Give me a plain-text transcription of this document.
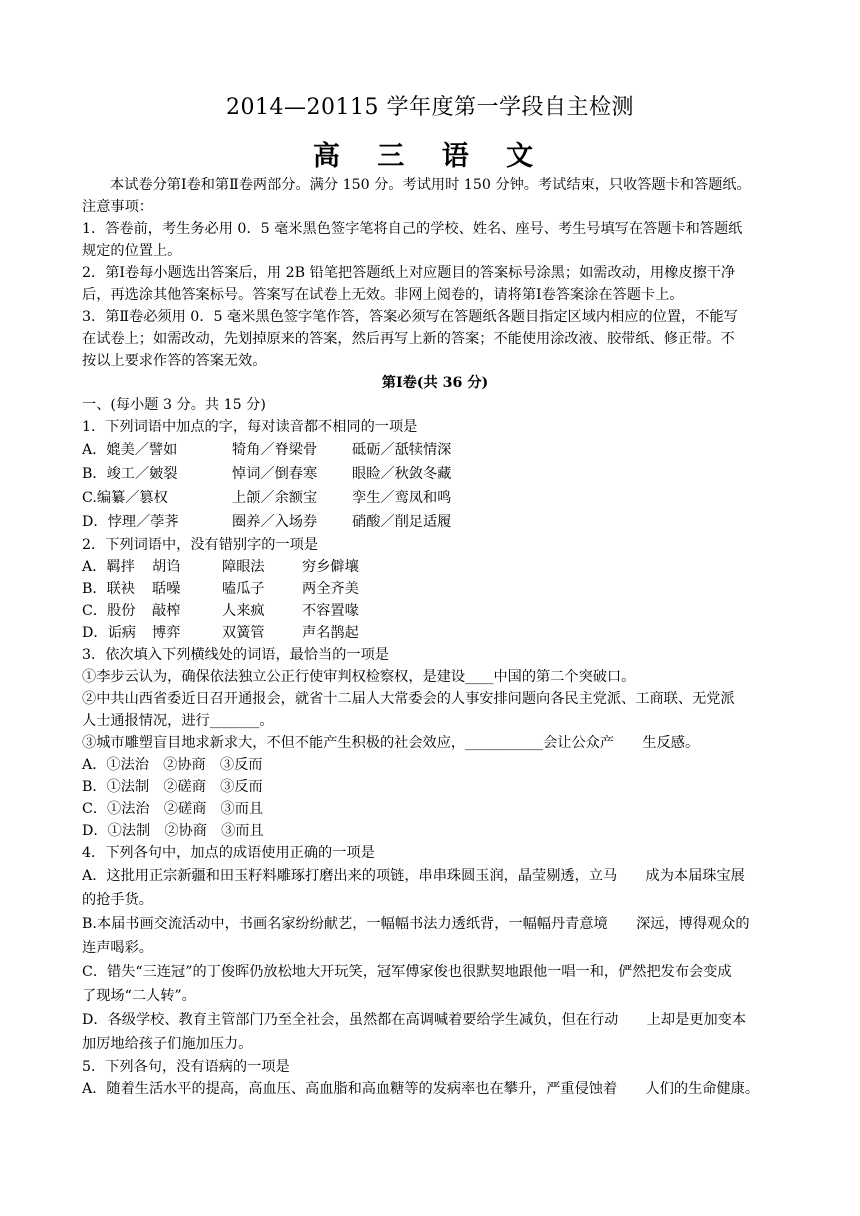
2014—20115 学年度第一学段自主检测
高 三 语 文
本试卷分第Ⅰ卷和第Ⅱ卷两部分。满分 150 分。考试用时 150 分钟。考试结束，只收答题卡和答题纸。
注意事项：
1．答卷前，考生务必用 0．5 毫米黑色签字笔将自己的学校、姓名、座号、考生号填写在答题卡和答题纸
规定的位置上。
2．第Ⅰ卷每小题选出答案后，用 2B 铅笔把答题纸上对应题目的答案标号涂黑；如需改动，用橡皮擦干净
后，再选涂其他答案标号。答案写在试卷上无效。非网上阅卷的，请将第Ⅰ卷答案涂在答题卡上。
3．第Ⅱ卷必须用 0．5 毫米黑色签字笔作答，答案必须写在答题纸各题目指定区域内相应的位置，不能写
在试卷上；如需改动，先划掉原来的答案，然后再写上新的答案；不能使用涂改液、胶带纸、修正带。不
按以上要求作答的答案无效。
第Ⅰ卷(共 36 分)
一、(每小题 3 分。共 15 分)
1．下列词语中加点的字，每对读音都不相同的一项是
A．媲美／譬如	犄角／脊梁骨 砥砺／舐犊情深
B．竣工／皴裂	悼词／倒春寒 眼睑／秋敛冬藏
C.编纂／篡权	上颌／余额宝 孪生／鸾凤和鸣
D．悖理／荸荠	圈养／入场券 硝酸／削足适履
2．下列词语中，没有错别字的一项是
A．羁拌 胡诌	障眼法	穷乡僻壤
B．联袂 聒噪	嗑瓜子	两全齐美
C．股份 敲榨	人来疯	不容置喙
D．诟病 博弈	双簧管	声名鹊起
3．依次填入下列横线处的词语，最恰当的一项是
①李步云认为，确保依法独立公正行使审判权检察权，是建设____中国的第二个突破口。
②中共山西省委近日召开通报会，就省十二届人大常委会的人事安排问题向各民主党派、工商联、无党派
人士通报情况，进行_______。
③城市雕塑盲目地求新求大，不但不能产生积极的社会效应，___________会让公众产　　生反感。
A．①法治　②协商　③反而
B．①法制　②磋商　③反而
C．①法治　②磋商　③而且
D．①法制　②协商　③而且
4．下列各句中，加点的成语使用正确的一项是
A．这批用正宗新疆和田玉籽料雕琢打磨出来的项链，串串珠圆玉润，晶莹剔透，立马　　成为本届珠宝展
的抢手货。
B.本届书画交流活动中，书画名家纷纷献艺，一幅幅书法力透纸背，一幅幅丹青意境　　深远，博得观众的
连声喝彩。
C．错失“三连冠”的丁俊晖仍放松地大开玩笑，冠军傅家俊也很默契地跟他一唱一和，俨然把发布会变成
了现场“二人转”。
D．各级学校、教育主管部门乃至全社会，虽然都在高调喊着要给学生减负，但在行动　　上却是更加变本
加厉地给孩子们施加压力。
5．下列各句，没有语病的一项是
A．随着生活水平的提高，高血压、高血脂和高血糖等的发病率也在攀升，严重侵蚀着　　人们的生命健康。
